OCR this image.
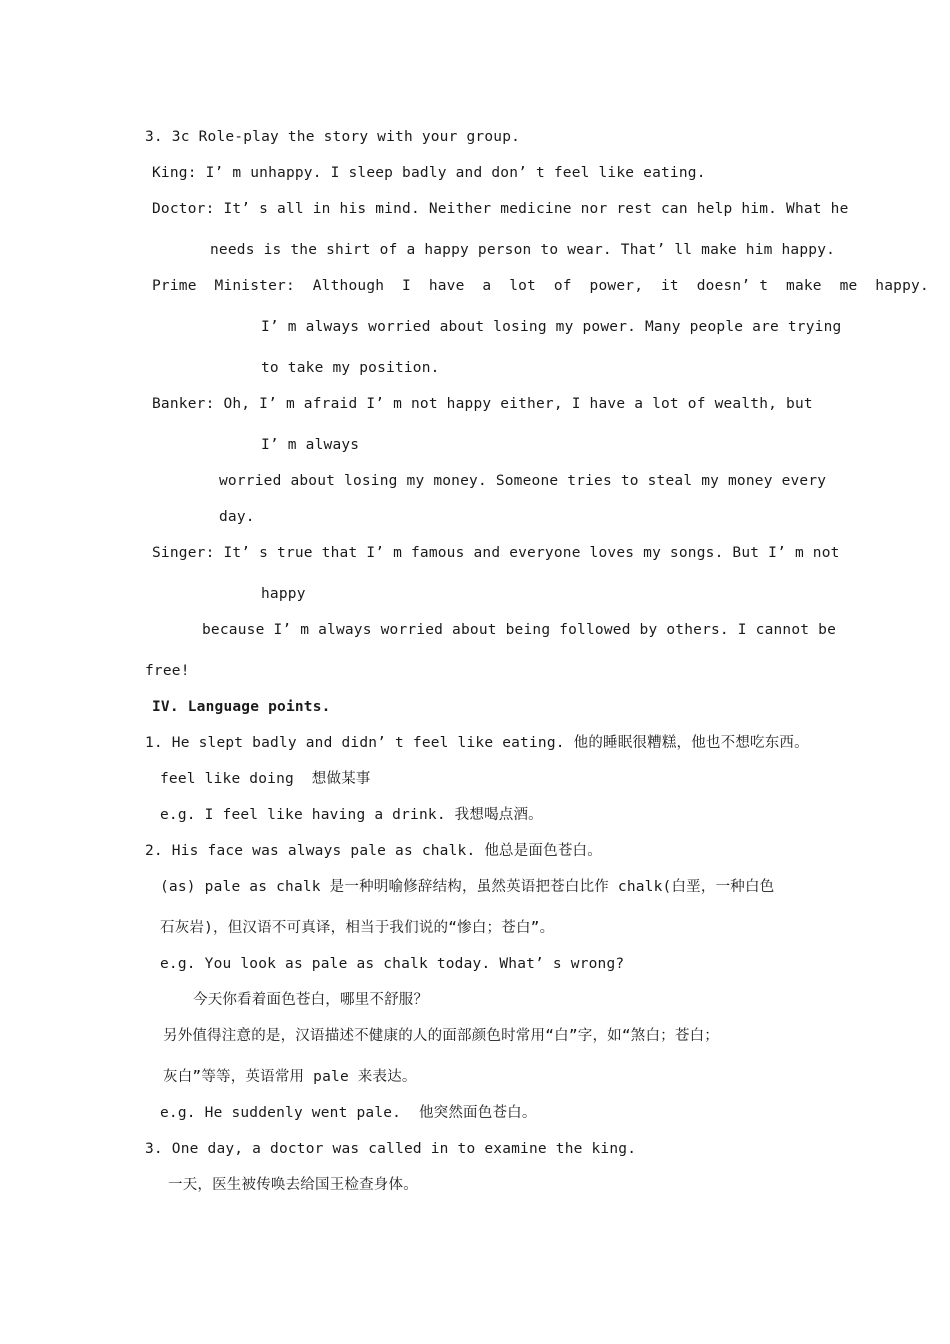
3. 3c Role-play the story with your group.
King: I’ m unhappy. I sleep badly and don’ t feel like eating.
Doctor: It’ s all in his mind. Neither medicine nor rest can help him. What he
needs is the shirt of a happy person to wear. That’ ll make him happy.
Prime  Minister:  Although  I  have  a  lot  of  power,  it  doesn’ t  make  me  happy.
I’ m always worried about losing my power. Many people are trying
to take my position.
Banker: Oh, I’ m afraid I’ m not happy either, I have a lot of wealth, but
I’ m always
worried about losing my money. Someone tries to steal my money every
day.
Singer: It’ s true that I’ m famous and everyone loves my songs. But I’ m not
happy
because I’ m always worried about being followed by others. I cannot be
free!
IV. Language points.
1. He slept badly and didn’ t feel like eating. 他的睡眠很糟糕，他也不想吃东西。
feel like doing  想做某事
e.g. I feel like having a drink. 我想喝点酒。
2. His face was always pale as chalk. 他总是面色苍白。
(as) pale as chalk 是一种明喻修辞结构，虽然英语把苍白比作 chalk(白垩，一种白色
石灰岩)，但汉语不可真译，相当于我们说的“惨白；苍白”。
e.g. You look as pale as chalk today. What’ s wrong?
今天你看着面色苍白，哪里不舒服？
另外值得注意的是，汉语描述不健康的人的面部颜色时常用“白”字，如“煞白；苍白；
灰白”等等，英语常用 pale 来表达。
e.g. He suddenly went pale.  他突然面色苍白。
3. One day, a doctor was called in to examine the king.
一天，医生被传唤去给国王检查身体。
